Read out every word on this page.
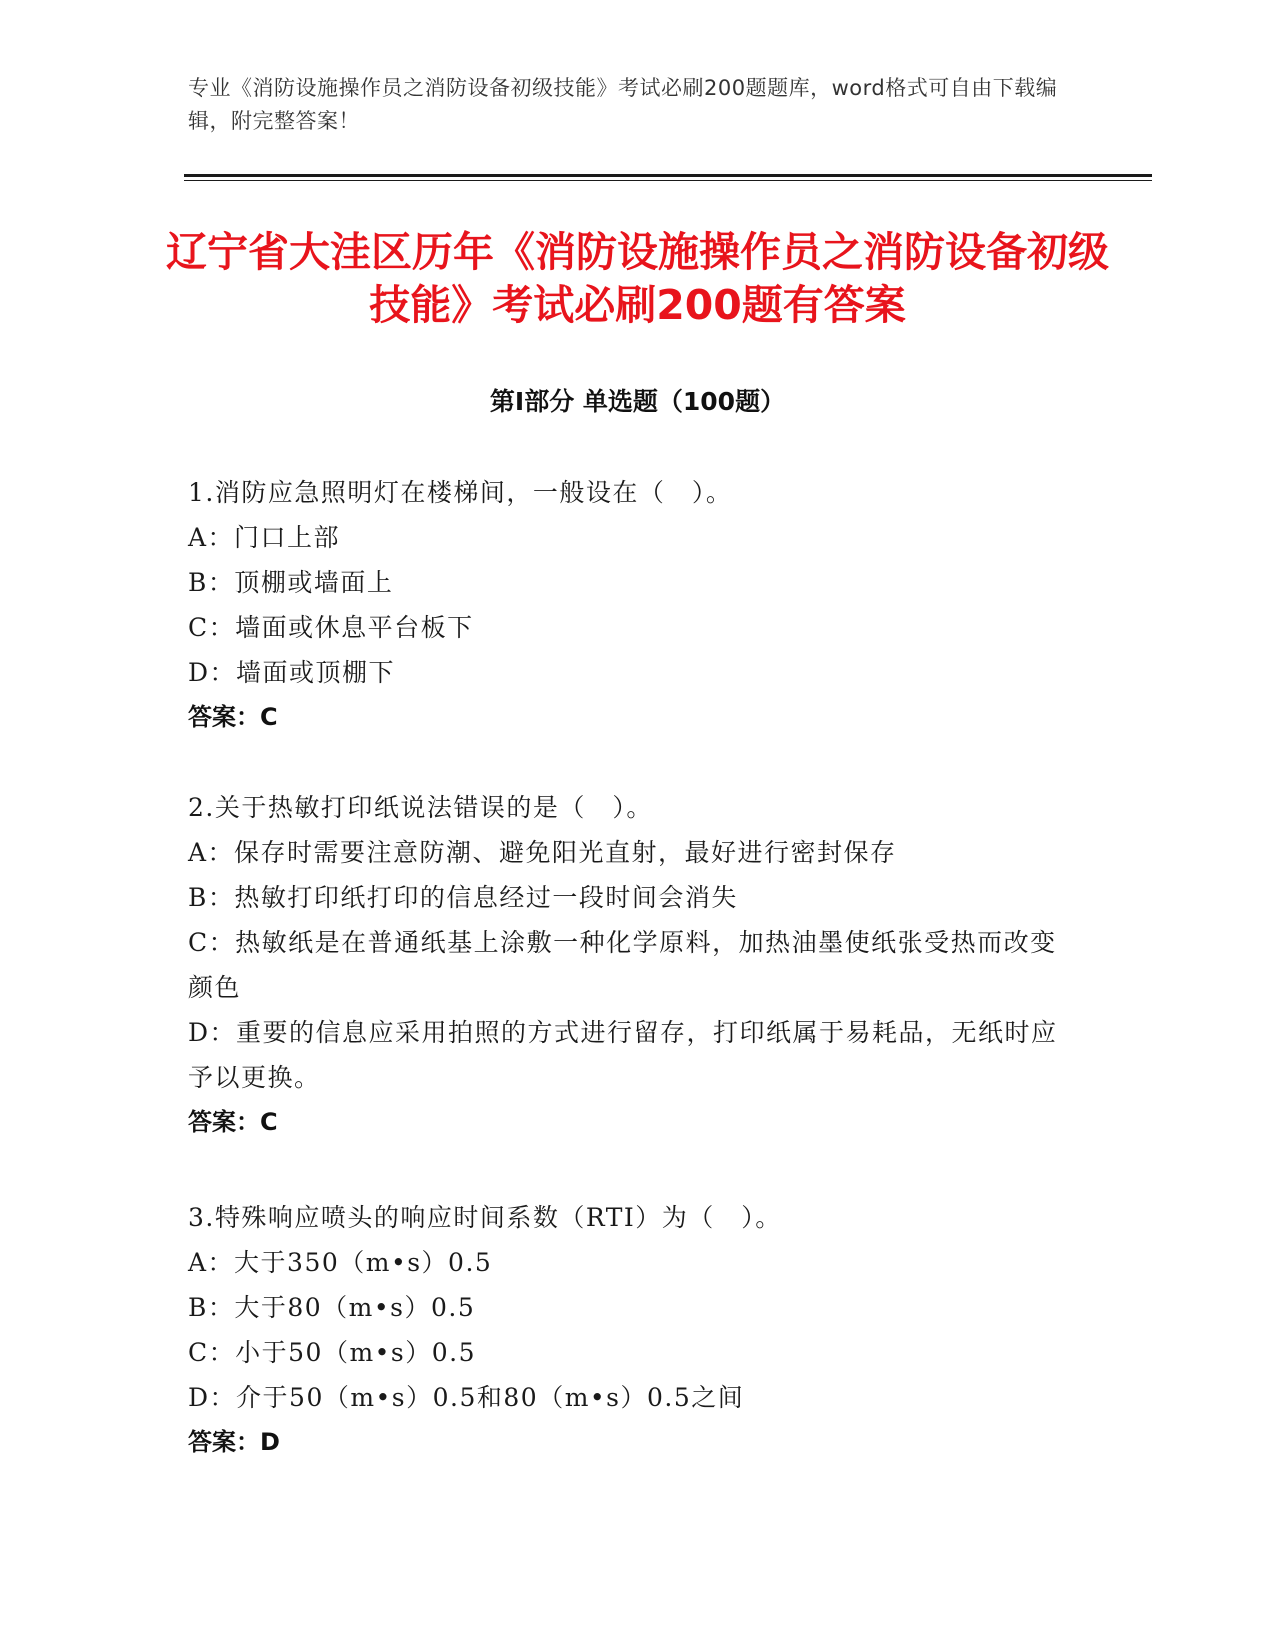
专业《消防设施操作员之消防设备初级技能》考试必刷200题题库，word格式可自由下载编辑，附完整答案！
辽宁省大洼区历年《消防设施操作员之消防设备初级技能》考试必刷200题有答案
第Ⅰ部分 单选题（100题）
1.消防应急照明灯在楼梯间，一般设在（　）。
A：门口上部
B：顶棚或墙面上
C：墙面或休息平台板下
D：墙面或顶棚下
答案：C
2.关于热敏打印纸说法错误的是（　）。
A：保存时需要注意防潮、避免阳光直射，最好进行密封保存
B：热敏打印纸打印的信息经过一段时间会消失
C：热敏纸是在普通纸基上涂敷一种化学原料，加热油墨使纸张受热而改变颜色
D：重要的信息应采用拍照的方式进行留存，打印纸属于易耗品，无纸时应予以更换。
答案：C
3.特殊响应喷头的响应时间系数（RTI）为（　）。
A：大于350（m•s）0.5
B：大于80（m•s）0.5
C：小于50（m•s）0.5
D：介于50（m•s）0.5和80（m•s）0.5之间
答案：D
